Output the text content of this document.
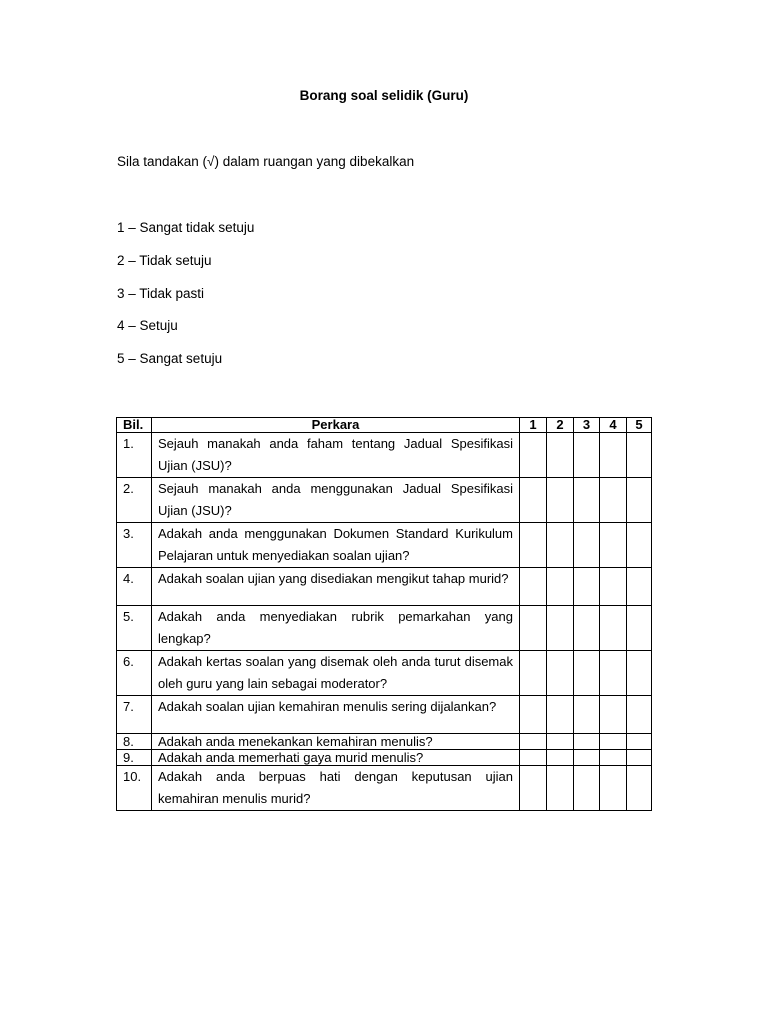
Borang soal selidik (Guru)
Sila tandakan (√) dalam ruangan yang dibekalkan
1 – Sangat tidak setuju
2 – Tidak setuju
3 – Tidak pasti
4 – Setuju
5 – Sangat setuju
Bil.	Perkara	1	2	3	4	5
1.	Sejauh manakah anda faham tentang Jadual Spesifikasi Ujian (JSU)?					
2.	Sejauh manakah anda menggunakan Jadual Spesifikasi Ujian (JSU)?					
3.	Adakah anda menggunakan Dokumen Standard Kurikulum Pelajaran untuk menyediakan soalan ujian?					
4.	Adakah soalan ujian yang disediakan mengikut tahap murid?					
5.	Adakah anda menyediakan rubrik pemarkahan yang lengkap?					
6.	Adakah kertas soalan yang disemak oleh anda turut disemak oleh guru yang lain sebagai moderator?					
7.	Adakah soalan ujian kemahiran menulis sering dijalankan?					
8.	Adakah anda menekankan kemahiran menulis?					
9.	Adakah anda memerhati gaya murid menulis?					
10.	Adakah anda berpuas hati dengan keputusan ujian kemahiran menulis murid?					
